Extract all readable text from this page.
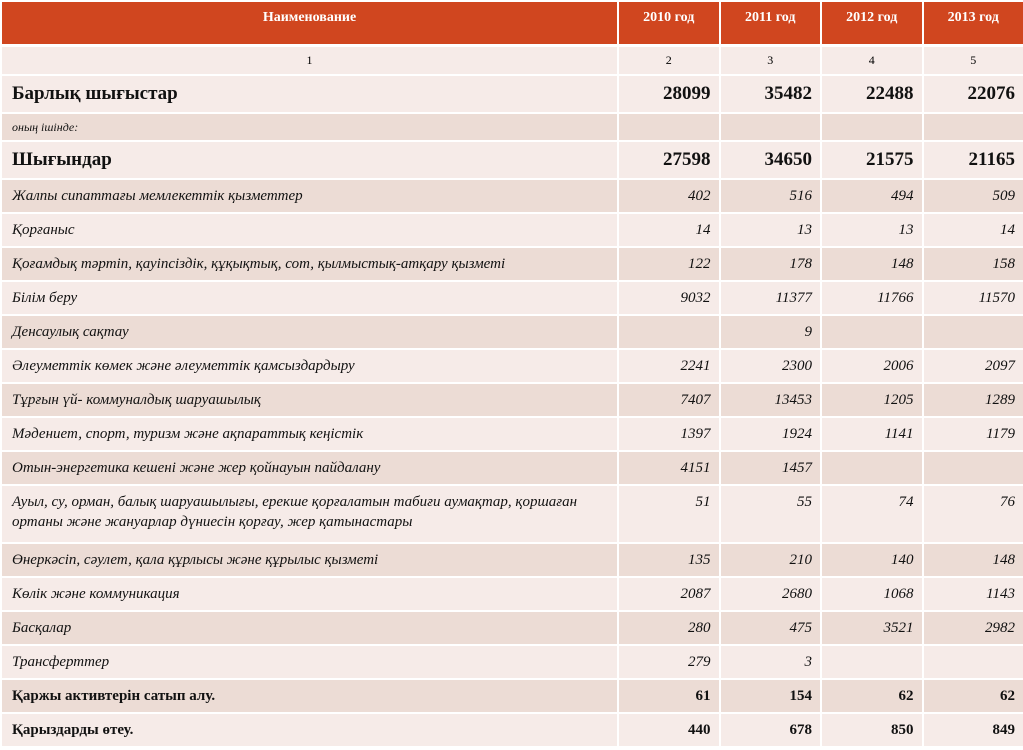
Наименование	2010 год	2011 год	2012 год	2013 год
1	2	3	4	5
Барлық шығыстар	28099	35482	22488	22076
оның ішінде:				
Шығындар	27598	34650	21575	21165
Жалпы сипаттағы мемлекеттік қызметтер	402	516	494	509
Қорғаныс	14	13	13	14
Қоғамдық тәртіп, қауіпсіздік, құқықтық, сот, қылмыстық-атқару қызметі	122	178	148	158
Білім беру	9032	11377	11766	11570
Денсаулық сақтау		9		
Әлеуметтік көмек және әлеуметтік қамсыздардыру	2241	2300	2006	2097
Тұрғын үй- коммуналдық шаруашылық	7407	13453	1205	1289
Мәдениет, спорт, туризм және ақпараттық кеңістік	1397	1924	1141	1179
Отын-энергетика кешені және жер қойнауын пайдалану	4151	1457		
Ауыл, су, орман, балық шаруашылығы, ерекше қорғалатын табиғи аумақтар, қоршаған ортаны және жануарлар дүниесін қорғау, жер қатынастары	51	55	74	76
Өнеркәсіп, сәулет, қала құрлысы және құрылыс қызметі	135	210	140	148
Көлік және коммуникация	2087	2680	1068	1143
Басқалар	280	475	3521	2982
Трансферттер	279	3		
Қаржы активтерін сатып алу.	61	154	62	62
Қарыздарды өтеу.	440	678	850	849
